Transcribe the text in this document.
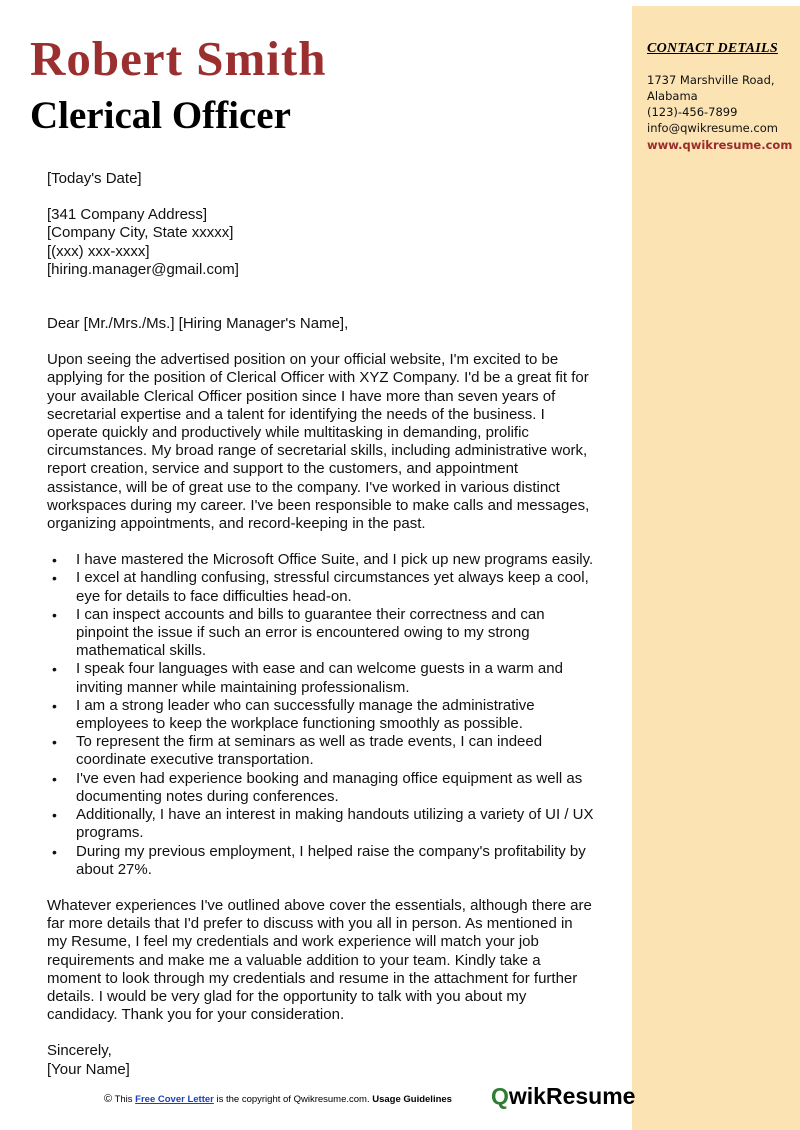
CONTACT DETAILS
1737 Marshville Road,
Alabama
(123)-456-7899
info@qwikresume.com
www.qwikresume.com
Robert Smith
Clerical Officer

[Today's Date]

[341 Company Address]

[Company City, State xxxxx]

[(xxx) xxx-xxxx]

[hiring.manager@gmail.com]

Dear [Mr./Mrs./Ms.] [Hiring Manager's Name],

Upon seeing the advertised position on your official website, I'm excited to be applying for the position of Clerical Officer with XYZ Company. I'd be a great fit for your available Clerical Officer position since I have more than seven years of secretarial expertise and a talent for identifying the needs of the business. I operate quickly and productively while multitasking in demanding, prolific circumstances. My broad range of secretarial skills, including administrative work, report creation, service and support to the customers, and appointment assistance, will be of great use to the company. I've worked in various distinct workspaces during my career. I've been responsible to make calls and messages, organizing appointments, and record-keeping in the past.

• I have mastered the Microsoft Office Suite, and I pick up new programs easily.
• I excel at handling confusing, stressful circumstances yet always keep a cool, eye for details to face difficulties head-on.
• I can inspect accounts and bills to guarantee their correctness and can pinpoint the issue if such an error is encountered owing to my strong mathematical skills.
• I speak four languages with ease and can welcome guests in a warm and inviting manner while maintaining professionalism.
• I am a strong leader who can successfully manage the administrative employees to keep the workplace functioning smoothly as possible.
• To represent the firm at seminars as well as trade events, I can indeed coordinate executive transportation.
• I've even had experience booking and managing office equipment as well as documenting notes during conferences.
• Additionally, I have an interest in making handouts utilizing a variety of UI / UX programs.
• During my previous employment, I helped raise the company's profitability by about 27%.

Whatever experiences I've outlined above cover the essentials, although there are far more details that I'd prefer to discuss with you all in person. As mentioned in my Resume, I feel my credentials and work experience will match your job requirements and make me a valuable addition to your team. Kindly take a moment to look through my credentials and resume in the attachment for further details. I would be very glad for the opportunity to talk with you about my candidacy. Thank you for your consideration.

Sincerely,

[Your Name]

© This Free Cover Letter is the copyright of Qwikresume.com. Usage Guidelines QwikResume
